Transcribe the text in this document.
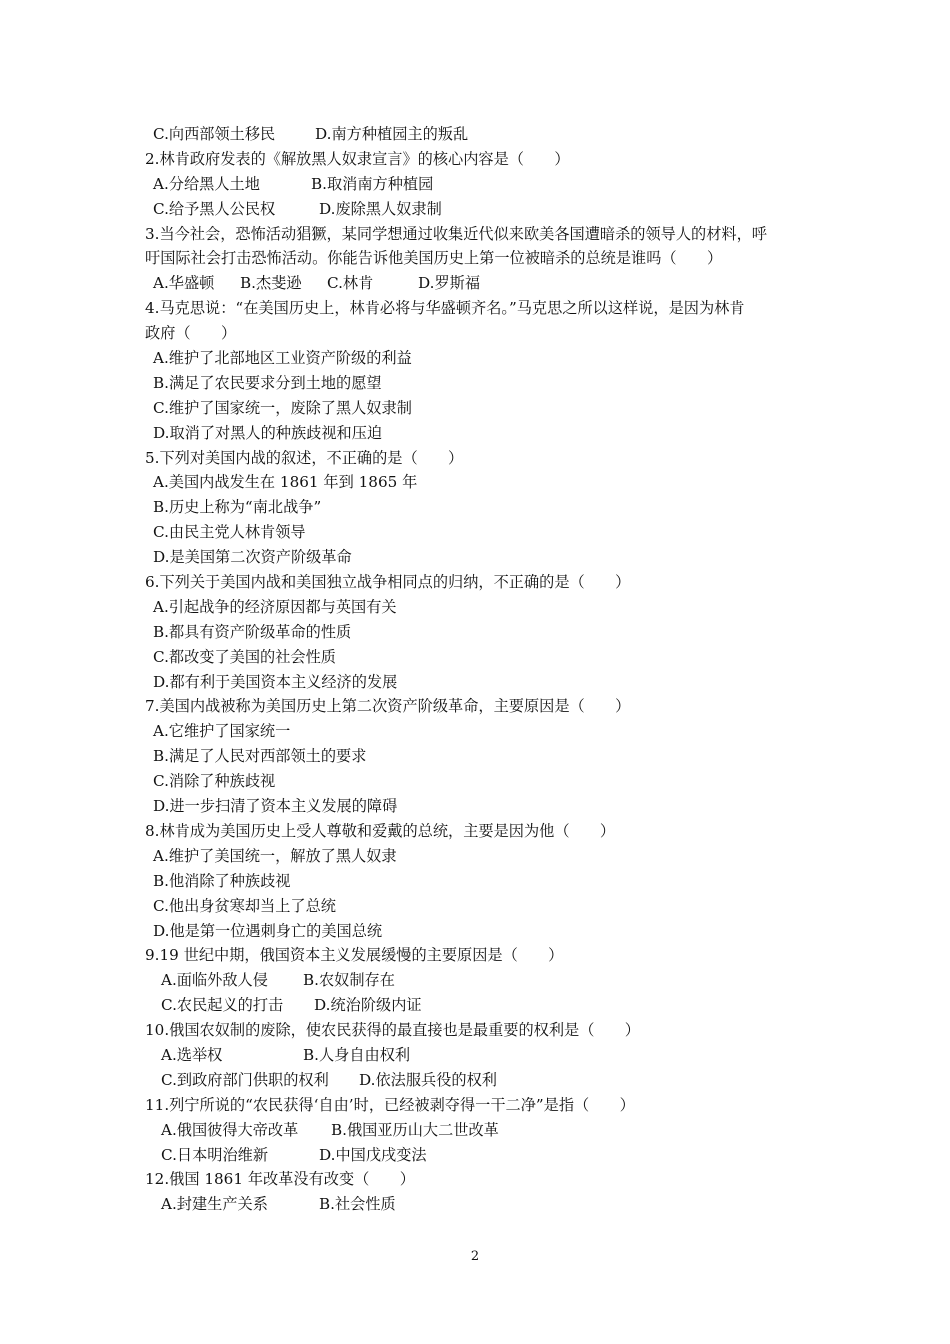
C.向西部领土移民	D.南方种植园主的叛乱
2.林肯政府发表的《解放黑人奴隶宣言》的核心内容是（　　）
A.分给黑人土地	B.取消南方种植园
C.给予黑人公民权	D.废除黑人奴隶制
3.当今社会，恐怖活动猖獗，某同学想通过收集近代似来欧美各国遭暗杀的领导人的材料，呼
吁国际社会打击恐怖活动。你能告诉他美国历史上第一位被暗杀的总统是谁吗（　　）
A.华盛顿 B.杰斐逊 C.林肯	D.罗斯福
4.马克思说：“在美国历史上，林肯必将与华盛顿齐名。”马克思之所以这样说，是因为林肯
政府（　　）
A.维护了北部地区工业资产阶级的利益
B.满足了农民要求分到土地的愿望
C.维护了国家统一，废除了黑人奴隶制
D.取消了对黑人的种族歧视和压迫
5.下列对美国内战的叙述，不正确的是（　　）
A.美国内战发生在 1861 年到 1865 年
B.历史上称为“南北战争”
C.由民主党人林肯领导
D.是美国第二次资产阶级革命
6.下列关于美国内战和美国独立战争相同点的归纳，不正确的是（　　）
A.引起战争的经济原因都与英国有关
B.都具有资产阶级革命的性质
C.都改变了美国的社会性质
D.都有利于美国资本主义经济的发展
7.美国内战被称为美国历史上第二次资产阶级革命，主要原因是（　　）
A.它维护了国家统一
B.满足了人民对西部领土的要求
C.消除了种族歧视
D.进一步扫清了资本主义发展的障碍
8.林肯成为美国历史上受人尊敬和爱戴的总统，主要是因为他（　　）
A.维护了美国统一，解放了黑人奴隶
B.他消除了种族歧视
C.他出身贫寒却当上了总统
D.他是第一位遇刺身亡的美国总统
9.19 世纪中期，俄国资本主义发展缓慢的主要原因是（　　）
A.面临外敌人侵 B.农奴制存在
C.农民起义的打击 D.统治阶级内证
10.俄国农奴制的废除，使农民获得的最直接也是最重要的权利是（　　）
A.选举权	B.人身自由权利
C.到政府部门供职的权利 D.依法服兵役的权利
11.列宁所说的“农民获得‘自由’时，已经被剥夺得一干二净”是指（　　）
A.俄国彼得大帝改革 B.俄国亚历山大二世改革
C.日本明治维新	D.中国戊戌变法
12.俄国 1861 年改革没有改变（　　）
A.封建生产关系	B.社会性质
2
